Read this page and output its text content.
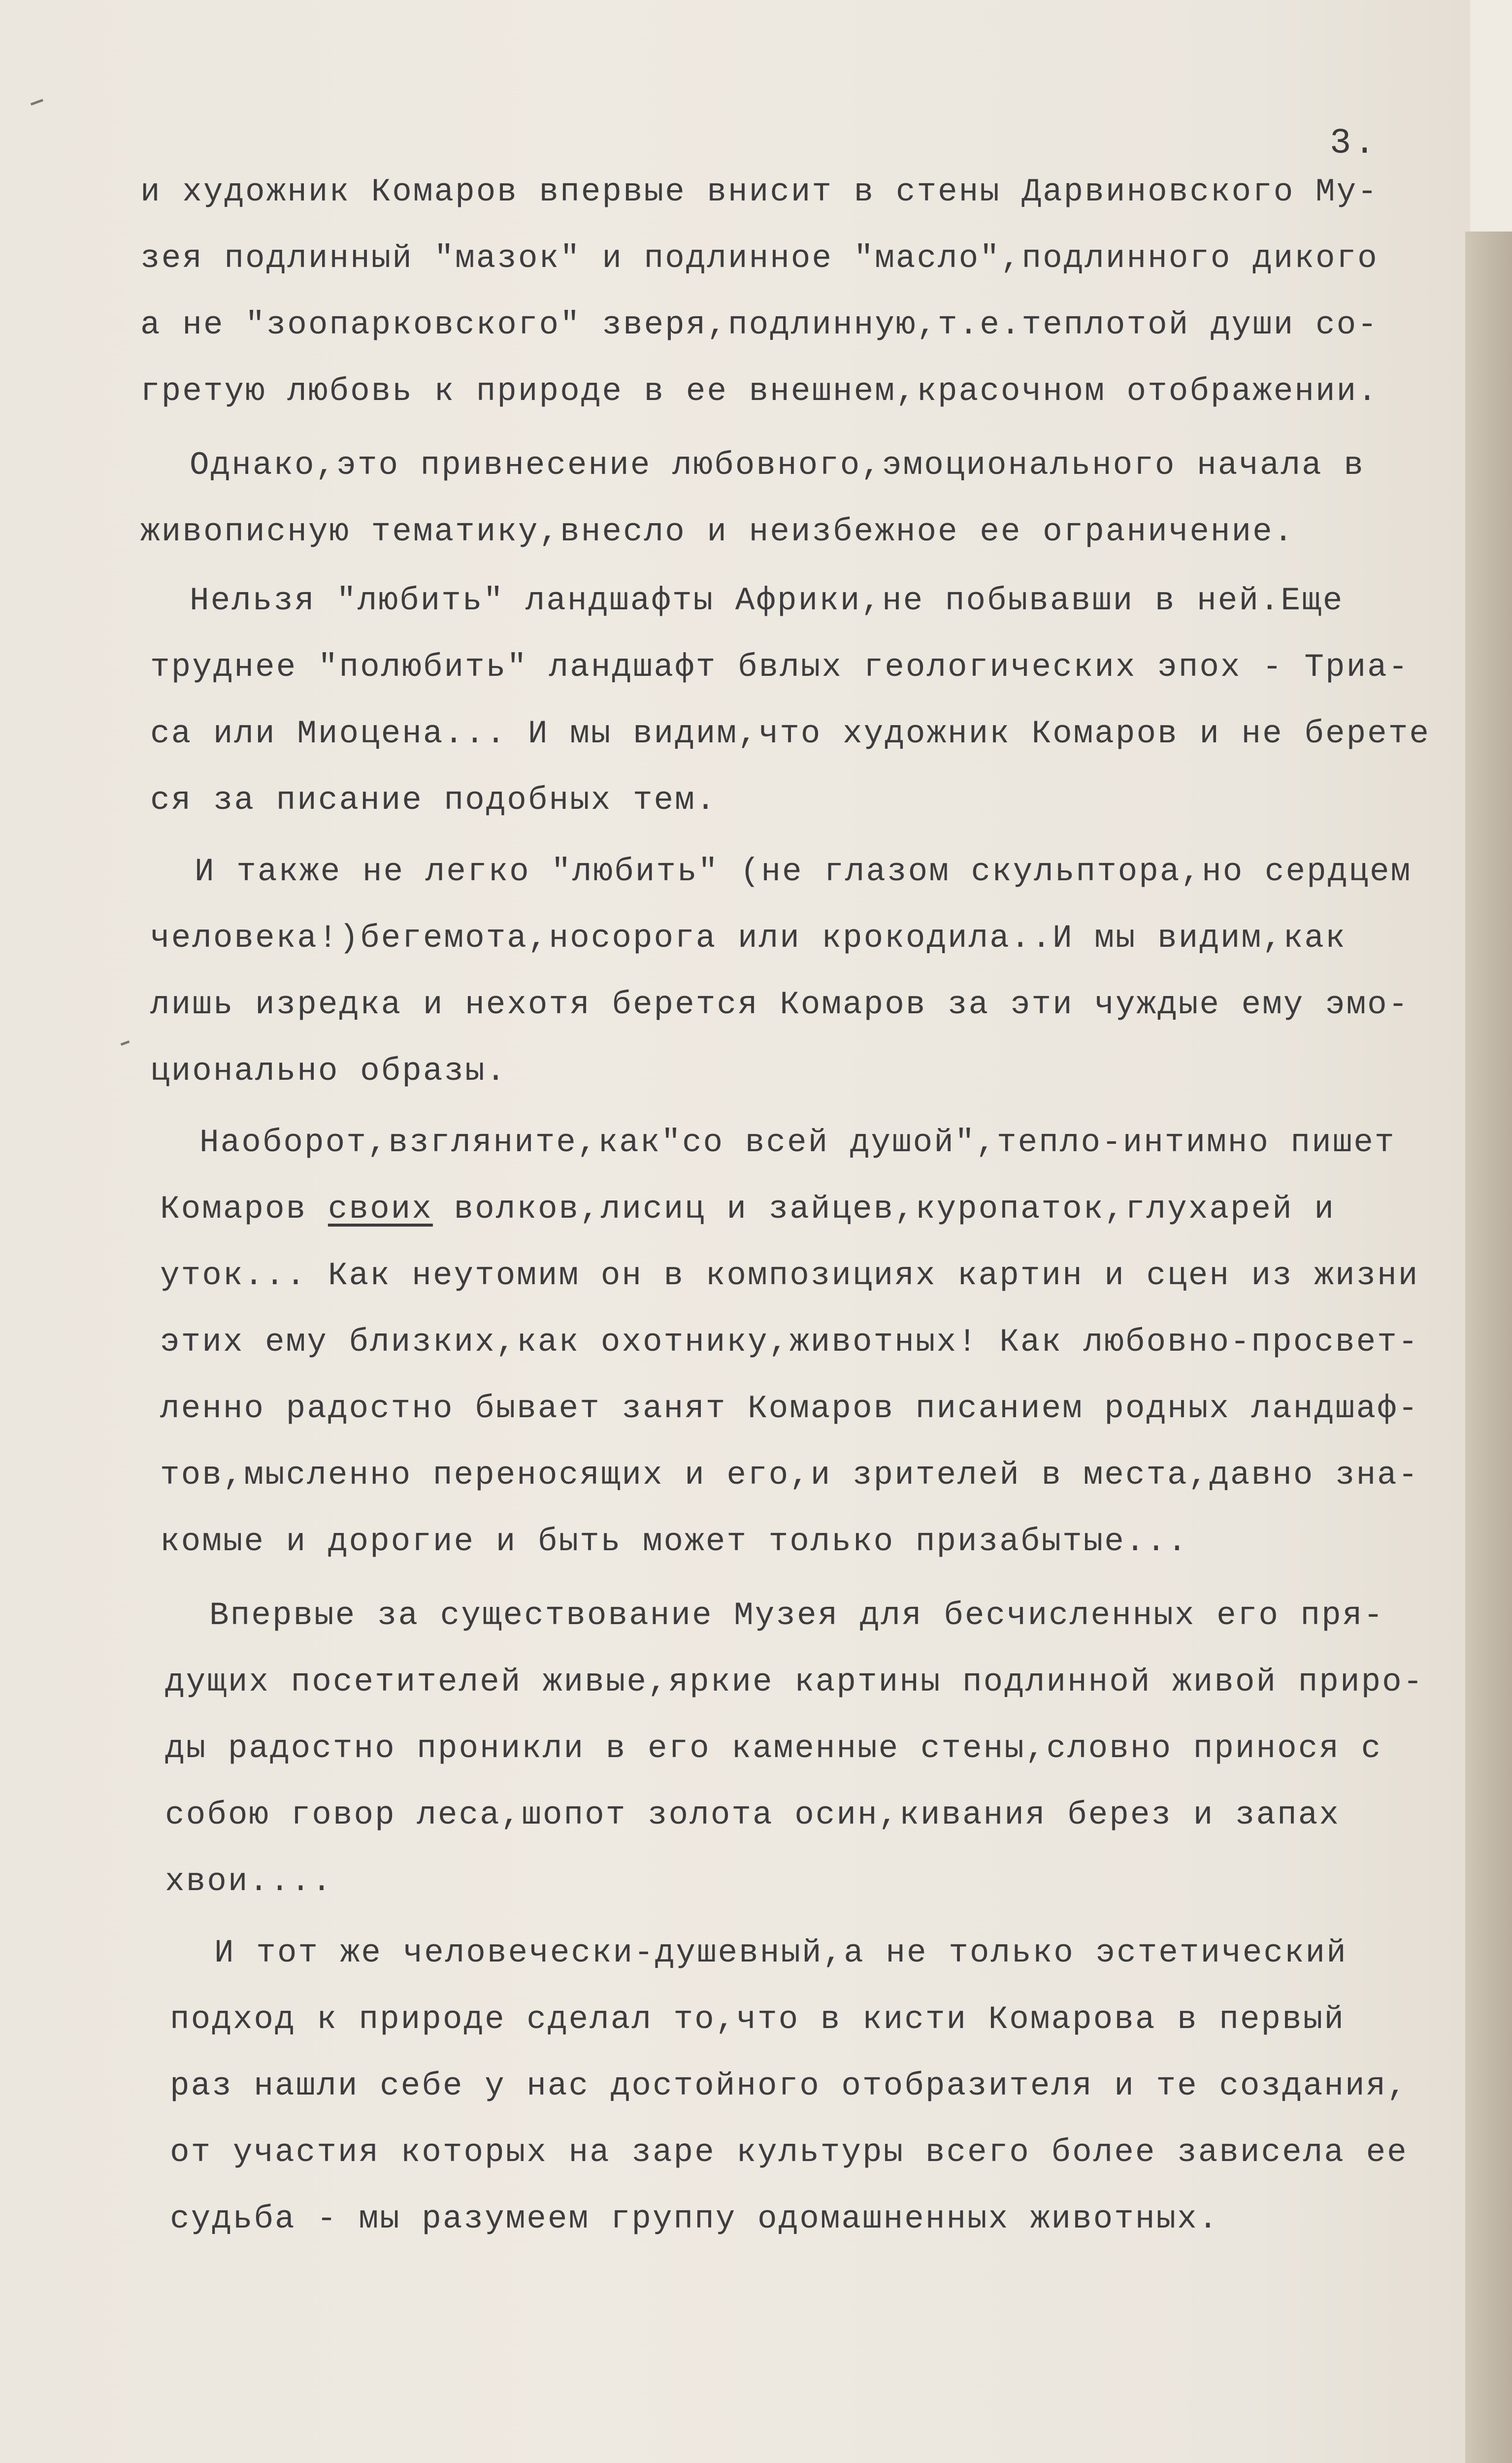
3.
и художник Комаров впервые внисит в стены Дарвиновского Му-
зея подлинный "мазок" и подлинное "масло",подлинного дикого
а не "зоопарковского" зверя,подлинную,т.е.теплотой души со-
гретую любовь к природе в ее внешнем,красочном отображении.
Однако,это привнесение любовного,эмоционального начала в
живописную тематику,внесло и неизбежное ее ограничение.
Нельзя "любить" ландшафты Африки,не побывавши в ней.Еще
труднее "полюбить" ландшафт бвлых геологических эпох - Триа-
са или Миоцена... И мы видим,что художник Комаров и не берете
ся за писание подобных тем.
И также не легко "любить" (не глазом скульптора,но сердцем
человека!)бегемота,носорога или крокодила..И мы видим,как
лишь изредка и нехотя берется Комаров за эти чуждые ему эмо-
ционально образы.
Наоборот,взгляните,как"со всей душой",тепло-интимно пишет
Комаров своих волков,лисиц и зайцев,куропаток,глухарей и
уток... Как неутомим он в композициях картин и сцен из жизни
этих ему близких,как охотнику,животных! Как любовно-просвет-
ленно радостно бывает занят Комаров писанием родных ландшаф-
тов,мысленно переносящих и его,и зрителей в места,давно зна-
комые и дорогие и быть может только призабытые...
Впервые за существование Музея для бесчисленных его пря-
дущих посетителей живые,яркие картины подлинной живой приро-
ды радостно проникли в его каменные стены,словно принося с
собою говор леса,шопот золота осин,кивания берез и запах
хвои....
И тот же человечески-душевный,а не только эстетический
подход к природе сделал то,что в кисти Комарова в первый
раз нашли себе у нас достойного отобразителя и те создания,
от участия которых на заре культуры всего более зависела ее
судьба - мы разумеем группу одомашненных животных.
